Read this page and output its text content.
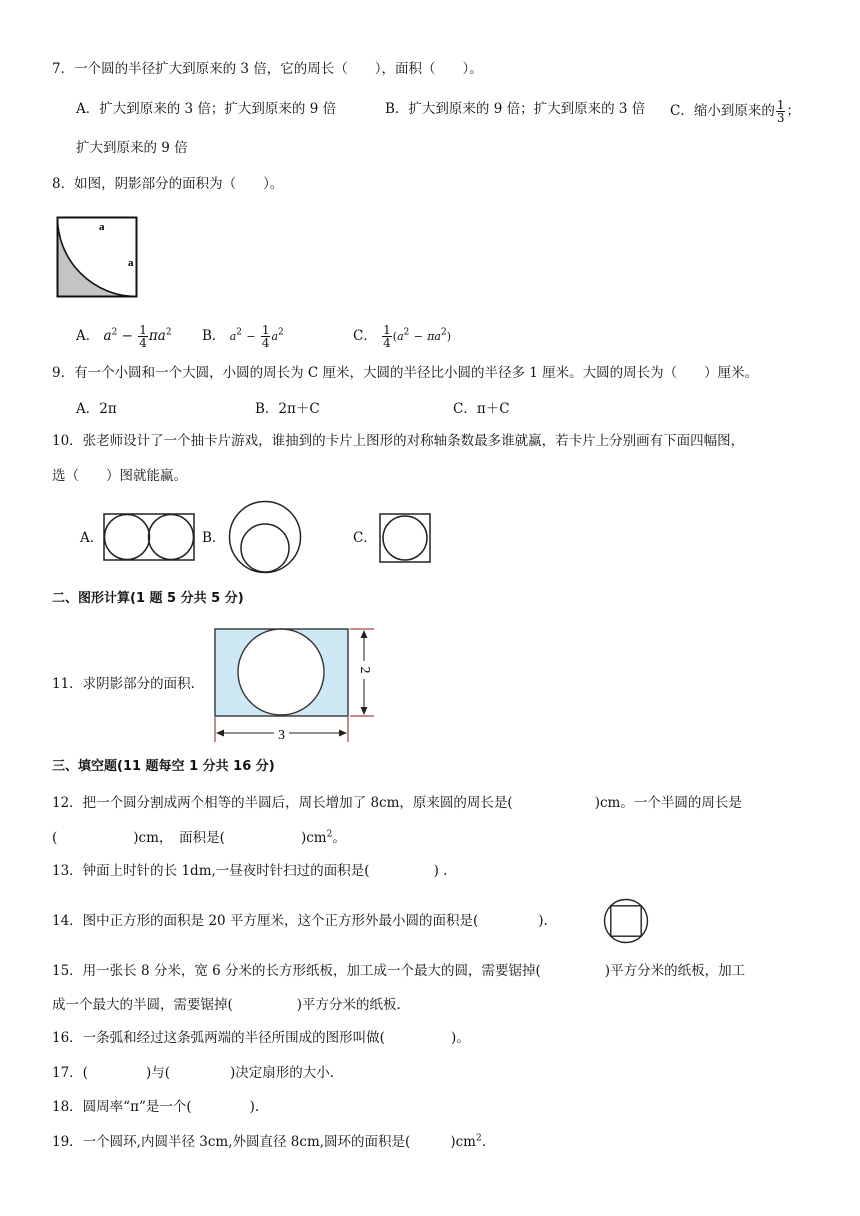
7．一个圆的半径扩大到原来的 3 倍，它的周长（　　），面积（　　）。
A．扩大到原来的 3 倍；扩大到原来的 9 倍	B．扩大到原来的 9 倍；扩大到原来的 3 倍 C．缩小到原来的 $\frac{1}{3}$ ；
扩大到原来的 9 倍
8．如图，阴影部分的面积为（　　）。
a
a
A． $a^2 - \frac{1}{4} \pi a^2$ B． $a^2 - \frac{1}{4} a^2$	C． $\frac{1}{4} (a^2 - \pi a^2)$
9．有一个小圆和一个大圆，小圆的周长为 C 厘米，大圆的半径比小圆的半径多 1 厘米。大圆的周长为（　　）厘米。
A．2π	B．2π＋C	C．π＋C
10．张老师设计了一个抽卡片游戏，谁抽到的卡片上图形的对称轴条数最多谁就赢，若卡片上分别画有下面四幅图，
选（　　）图就能赢。
A．	B．	C．
二、图形计算(1 题 5 分共 5 分)
11．求阴影部分的面积.
2
3
三、填空题(11 题每空 1 分共 16 分)
12．把一个圆分割成两个相等的半圆后，周长增加了 8cm，原来圆的周长是(	)cm。一个半圆的周长是
(	)cm，　面积是(	)$cm^2$。
13．钟面上时针的长 1dm,一昼夜时针扫过的面积是(	) .
14．图中正方形的面积是 20 平方厘米，这个正方形外最小圆的面积是(	).
15．用一张长 8 分米，宽 6 分米的长方形纸板，加工成一个最大的圆，需要锯掉(	)平方分米的纸板，加工
成一个最大的半圆，需要锯掉(	)平方分米的纸板.
16．一条弧和经过这条弧两端的半径所围成的图形叫做(	)。
17．(	)与(	)决定扇形的大小.
18．圆周率“π”是一个(	).
19．一个圆环,内圆半径 3cm,外圆直径 8cm,圆环的面积是(	)$cm^2$.
